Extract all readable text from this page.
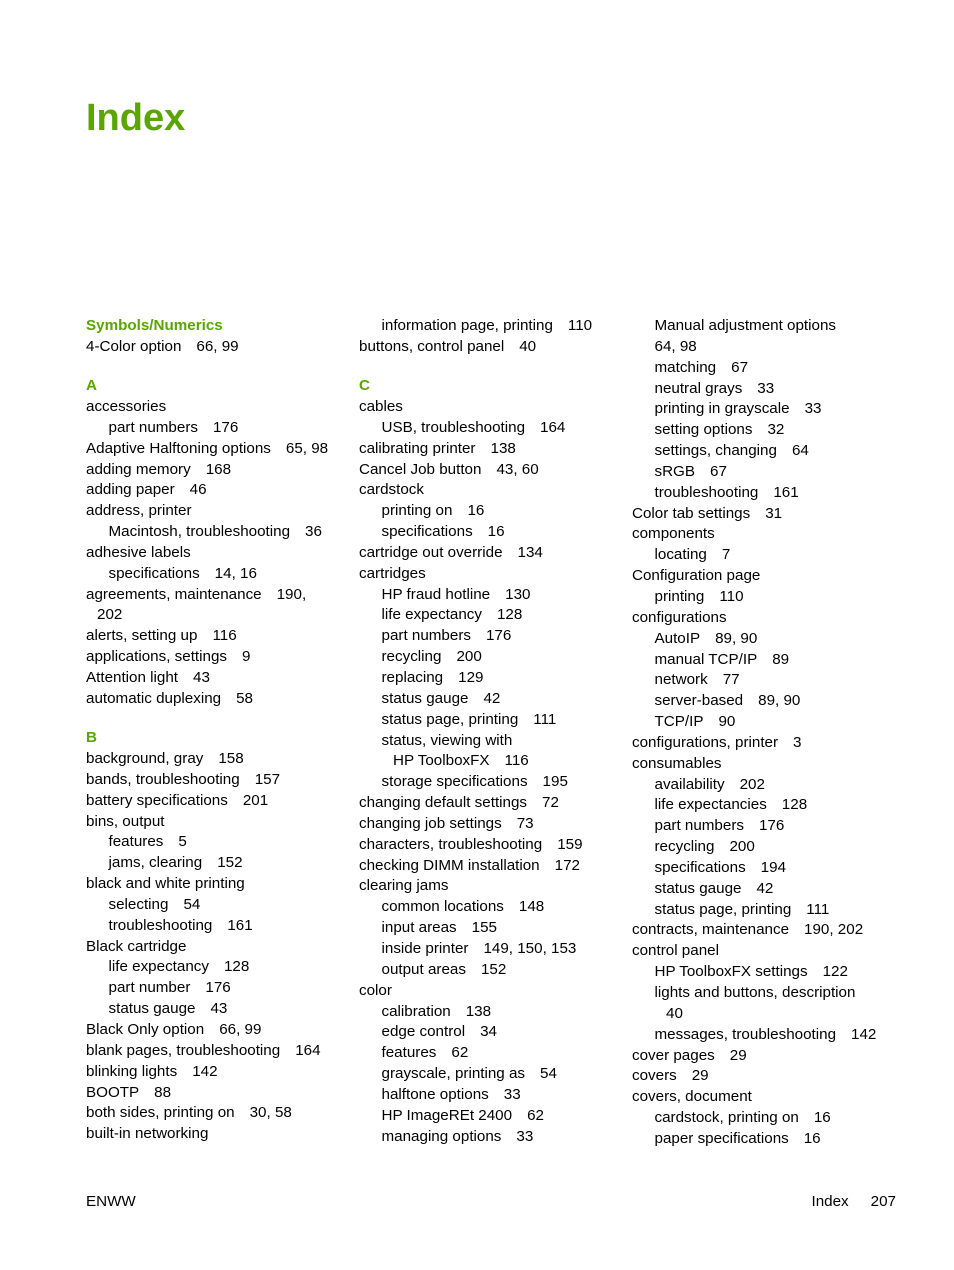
Index
Symbols/Numerics
4-Color option 66, 99
A
accessories
part numbers 176
Adaptive Halftoning options 65, 98
adding memory 168
adding paper 46
address, printer
Macintosh, troubleshooting 36
adhesive labels
specifications 14, 16
agreements, maintenance 190,
202
alerts, setting up 116
applications, settings 9
Attention light 43
automatic duplexing 58
B
background, gray 158
bands, troubleshooting 157
battery specifications 201
bins, output
features 5
jams, clearing 152
black and white printing
selecting 54
troubleshooting 161
Black cartridge
life expectancy 128
part number 176
status gauge 43
Black Only option 66, 99
blank pages, troubleshooting 164
blinking lights 142
BOOTP 88
both sides, printing on 30, 58
built-in networking
information page, printing 110
buttons, control panel 40
C
cables
USB, troubleshooting 164
calibrating printer 138
Cancel Job button 43, 60
cardstock
printing on 16
specifications 16
cartridge out override 134
cartridges
HP fraud hotline 130
life expectancy 128
part numbers 176
recycling 200
replacing 129
status gauge 42
status page, printing 111
status, viewing with
HP ToolboxFX 116
storage specifications 195
changing default settings 72
changing job settings 73
characters, troubleshooting 159
checking DIMM installation 172
clearing jams
common locations 148
input areas 155
inside printer 149, 150, 153
output areas 152
color
calibration 138
edge control 34
features 62
grayscale, printing as 54
halftone options 33
HP ImageREt 2400 62
managing options 33
Manual adjustment options
64, 98
matching 67
neutral grays 33
printing in grayscale 33
setting options 32
settings, changing 64
sRGB 67
troubleshooting 161
Color tab settings 31
components
locating 7
Configuration page
printing 110
configurations
AutoIP 89, 90
manual TCP/IP 89
network 77
server-based 89, 90
TCP/IP 90
configurations, printer 3
consumables
availability 202
life expectancies 128
part numbers 176
recycling 200
specifications 194
status gauge 42
status page, printing 111
contracts, maintenance 190, 202
control panel
HP ToolboxFX settings 122
lights and buttons, description
40
messages, troubleshooting 142
cover pages 29
covers 29
covers, document
cardstock, printing on 16
paper specifications 16
ENWW	Index 207
